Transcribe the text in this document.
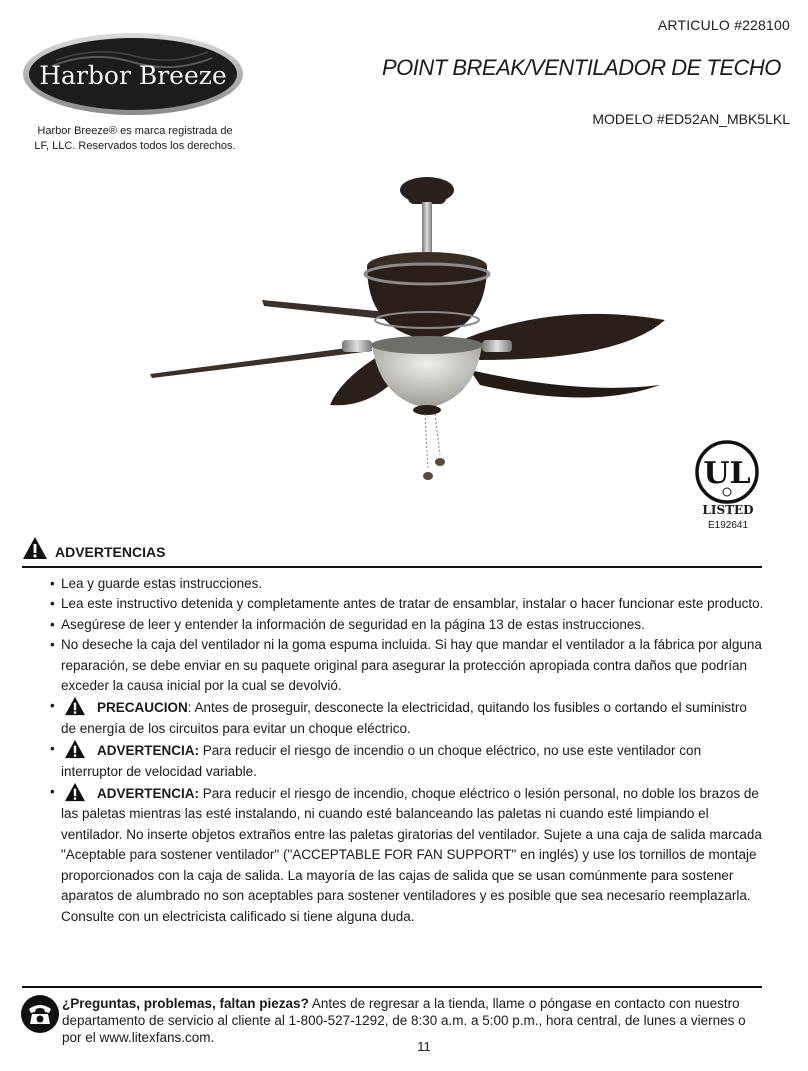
Harbor Breeze
Harbor Breeze® es marca registrada de LF, LLC. Reservados todos los derechos.
ARTICULO #228100
POINT BREAK/VENTILADOR DE TECHO
MODELO #ED52AN_MBK5LKL
UL
LISTED
E192641
ADVERTENCIAS
• Lea y guarde estas instrucciones.
• Lea este instructivo detenida y completamente antes de tratar de ensamblar, instalar o hacer funcionar este producto.
• Asegúrese de leer y entender la información de seguridad en la página 13 de estas instrucciones.
• No deseche la caja del ventilador ni la goma espuma incluida. Si hay que mandar el ventilador a la fábrica por alguna reparación, se debe enviar en su paquete original para asegurar la protección apropiada contra daños que podrían exceder la causa inicial por la cual se devolvió.
•	PRECAUCION: Antes de proseguir, desconecte la electricidad, quitando los fusibles o cortando el suministro de energía de los circuitos para evitar un choque eléctrico.
•	ADVERTENCIA: Para reducir el riesgo de incendio o un choque eléctrico, no use este ventilador con interruptor de velocidad variable.
•	ADVERTENCIA: Para reducir el riesgo de incendio, choque eléctrico o lesión personal, no doble los brazos de las paletas mientras las esté instalando, ni cuando esté balanceando las paletas ni cuando esté limpiando el ventilador. No inserte objetos extraños entre las paletas giratorias del ventilador. Sujete a una caja de salida marcada "Aceptable para sostener ventilador" ("ACCEPTABLE FOR FAN SUPPORT" en inglés) y use los tornillos de montaje proporcionados con la caja de salida. La mayoría de las cajas de salida que se usan comúnmente para sostener aparatos de alumbrado no son aceptables para sostener ventiladores y es posible que sea necesario reemplazarla. Consulte con un electricista calificado si tiene alguna duda.
¿Preguntas, problemas, faltan piezas? Antes de regresar a la tienda, llame o póngase en contacto con nuestro departamento de servicio al cliente al 1-800-527-1292, de 8:30 a.m. a 5:00 p.m., hora central, de lunes a viernes o por el www.litexfans.com.
11
